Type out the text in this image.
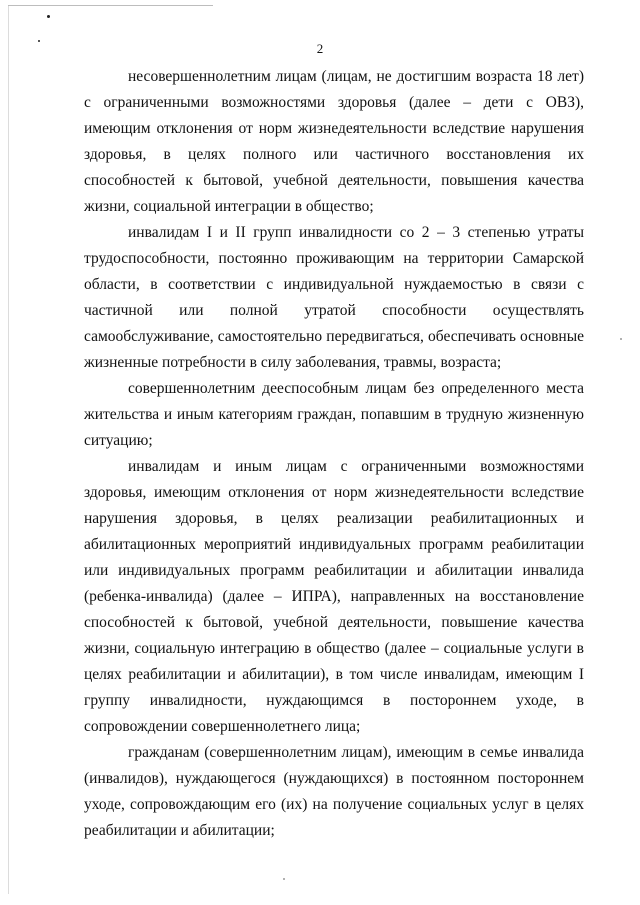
2

несовершеннолетним лицам (лицам, не достигшим возраста 18 лет) с ограниченными возможностями здоровья (далее – дети с ОВЗ), имеющим отклонения от норм жизнедеятельности вследствие нарушения здоровья, в целях полного или частичного восстановления их способностей к бытовой, учебной деятельности, повышения качества жизни, социальной интеграции в общество;

инвалидам I и II групп инвалидности со 2 – 3 степенью утраты трудоспособности, постоянно проживающим на территории Самарской области, в соответствии с индивидуальной нуждаемостью в связи с частичной или полной утратой способности осуществлять самообслуживание, самостоятельно передвигаться, обеспечивать основные жизненные потребности в силу заболевания, травмы, возраста;

совершеннолетним дееспособным лицам без определенного места жительства и иным категориям граждан, попавшим в трудную жизненную ситуацию;

инвалидам и иным лицам с ограниченными возможностями здоровья, имеющим отклонения от норм жизнедеятельности вследствие нарушения здоровья, в целях реализации реабилитационных и абилитационных мероприятий индивидуальных программ реабилитации или индивидуальных программ реабилитации и абилитации инвалида (ребенка-инвалида) (далее – ИПРА), направленных на восстановление способностей к бытовой, учебной деятельности, повышение качества жизни, социальную интеграцию в общество (далее – социальные услуги в целях реабилитации и абилитации), в том числе инвалидам, имеющим I группу инвалидности, нуждающимся в постороннем уходе, в сопровождении совершеннолетнего лица;

гражданам (совершеннолетним лицам), имеющим в семье инвалида (инвалидов), нуждающегося (нуждающихся) в постоянном постороннем уходе, сопровождающим его (их) на получение социальных услуг в целях реабилитации и абилитации;
